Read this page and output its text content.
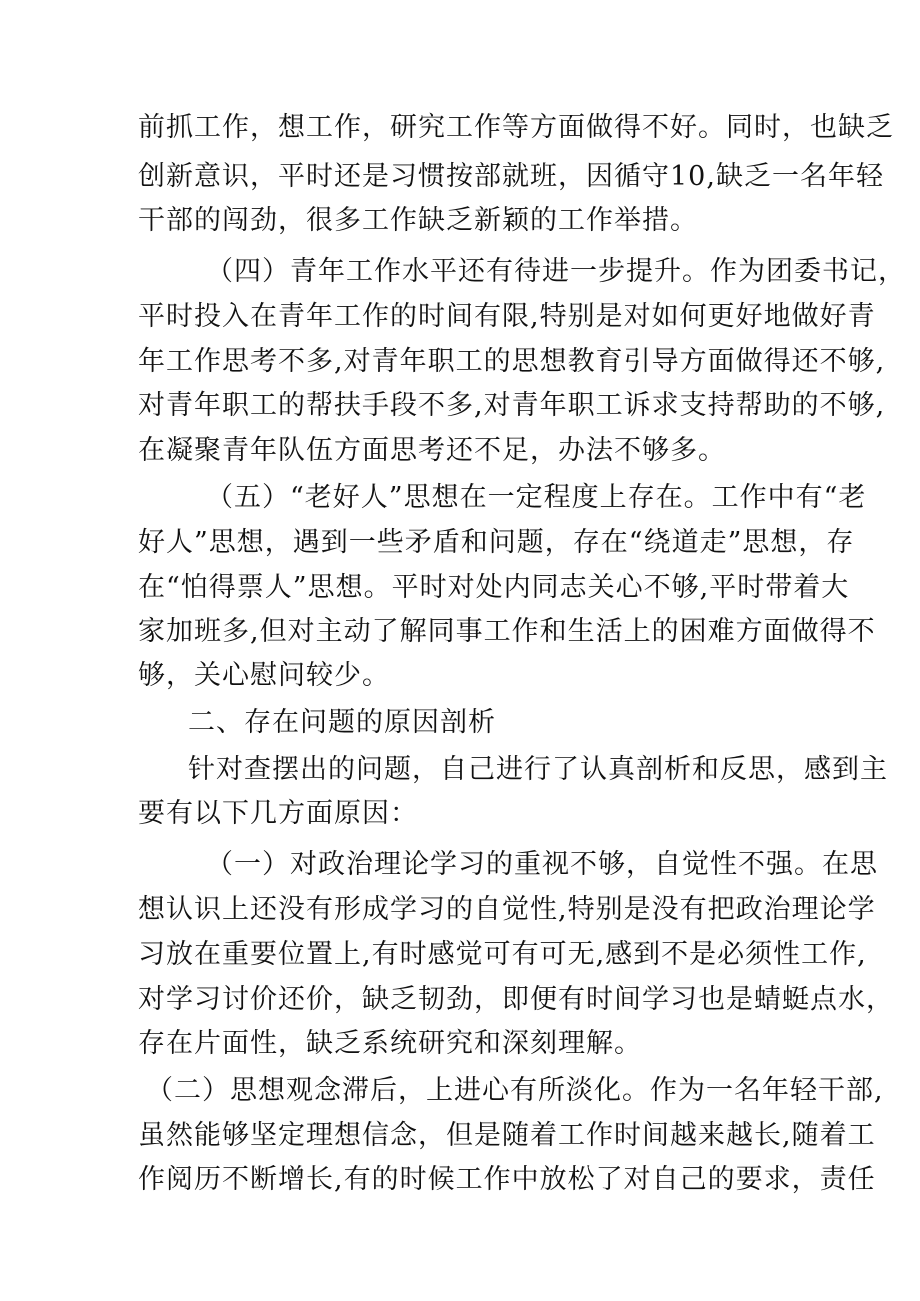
前抓工作，想工作，研究工作等方面做得不好。同时，也缺乏
创新意识，平时还是习惯按部就班，因循守10,缺乏一名年轻
干部的闯劲，很多工作缺乏新颖的工作举措。
（四）青年工作水平还有待进一步提升。作为团委书记，
平时投入在青年工作的时间有限,特别是对如何更好地做好青
年工作思考不多,对青年职工的思想教育引导方面做得还不够,
对青年职工的帮扶手段不多,对青年职工诉求支持帮助的不够,
在凝聚青年队伍方面思考还不足，办法不够多。
（五）“老好人”思想在一定程度上存在。工作中有“老
好人”思想，遇到一些矛盾和问题，存在“绕道走”思想，存
在“怕得票人”思想。平时对处内同志关心不够,平时带着大
家加班多,但对主动了解同事工作和生活上的困难方面做得不
够，关心慰问较少。
二、存在问题的原因剖析
针对查摆出的问题，自己进行了认真剖析和反思，感到主
要有以下几方面原因：
（一）对政治理论学习的重视不够，自觉性不强。在思
想认识上还没有形成学习的自觉性,特别是没有把政治理论学
习放在重要位置上,有时感觉可有可无,感到不是必须性工作,
对学习讨价还价，缺乏韧劲，即便有时间学习也是蜻蜓点水，
存在片面性，缺乏系统研究和深刻理解。
（二）思想观念滞后，上进心有所淡化。作为一名年轻干部,
虽然能够坚定理想信念，但是随着工作时间越来越长,随着工
作阅历不断增长,有的时候工作中放松了对自己的要求，责任
